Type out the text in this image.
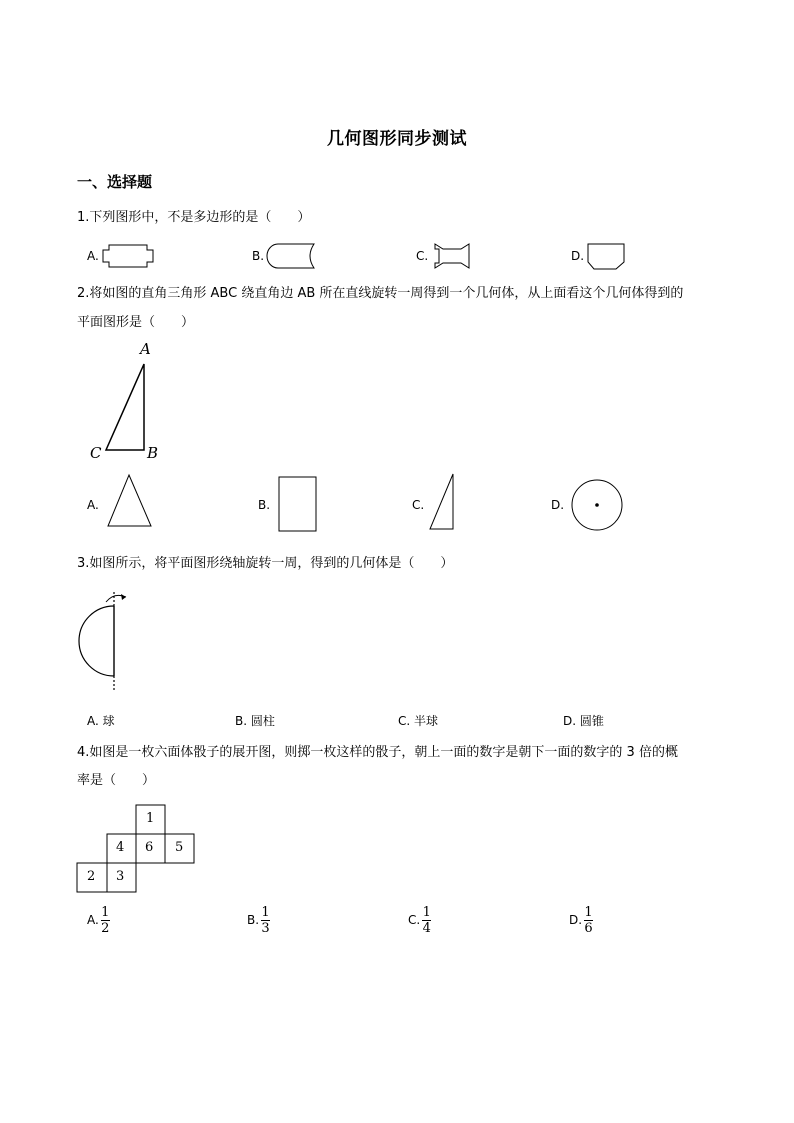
几何图形同步测试
一、选择题
1.下列图形中，不是多边形的是（　　）
A.	B.	C.	D.
2.将如图的直角三角形 ABC 绕直角边 AB 所在直线旋转一周得到一个几何体，从上面看这个几何体得到的
平面图形是（　　）
A
B
C
A.	B.	C.	D.
3.如图所示，将平面图形绕轴旋转一周，得到的几何体是（　　）
A. 球	B. 圆柱	C. 半球	D. 圆锥
4.如图是一枚六面体骰子的展开图，则掷一枚这样的骰子，朝上一面的数字是朝下一面的数字的 3 倍的概
率是（　　）
1
4 6 5
2 3
A. $\frac{1}{2}$	B. $\frac{1}{3}$	C. $\frac{1}{4}$	D. $\frac{1}{6}$
